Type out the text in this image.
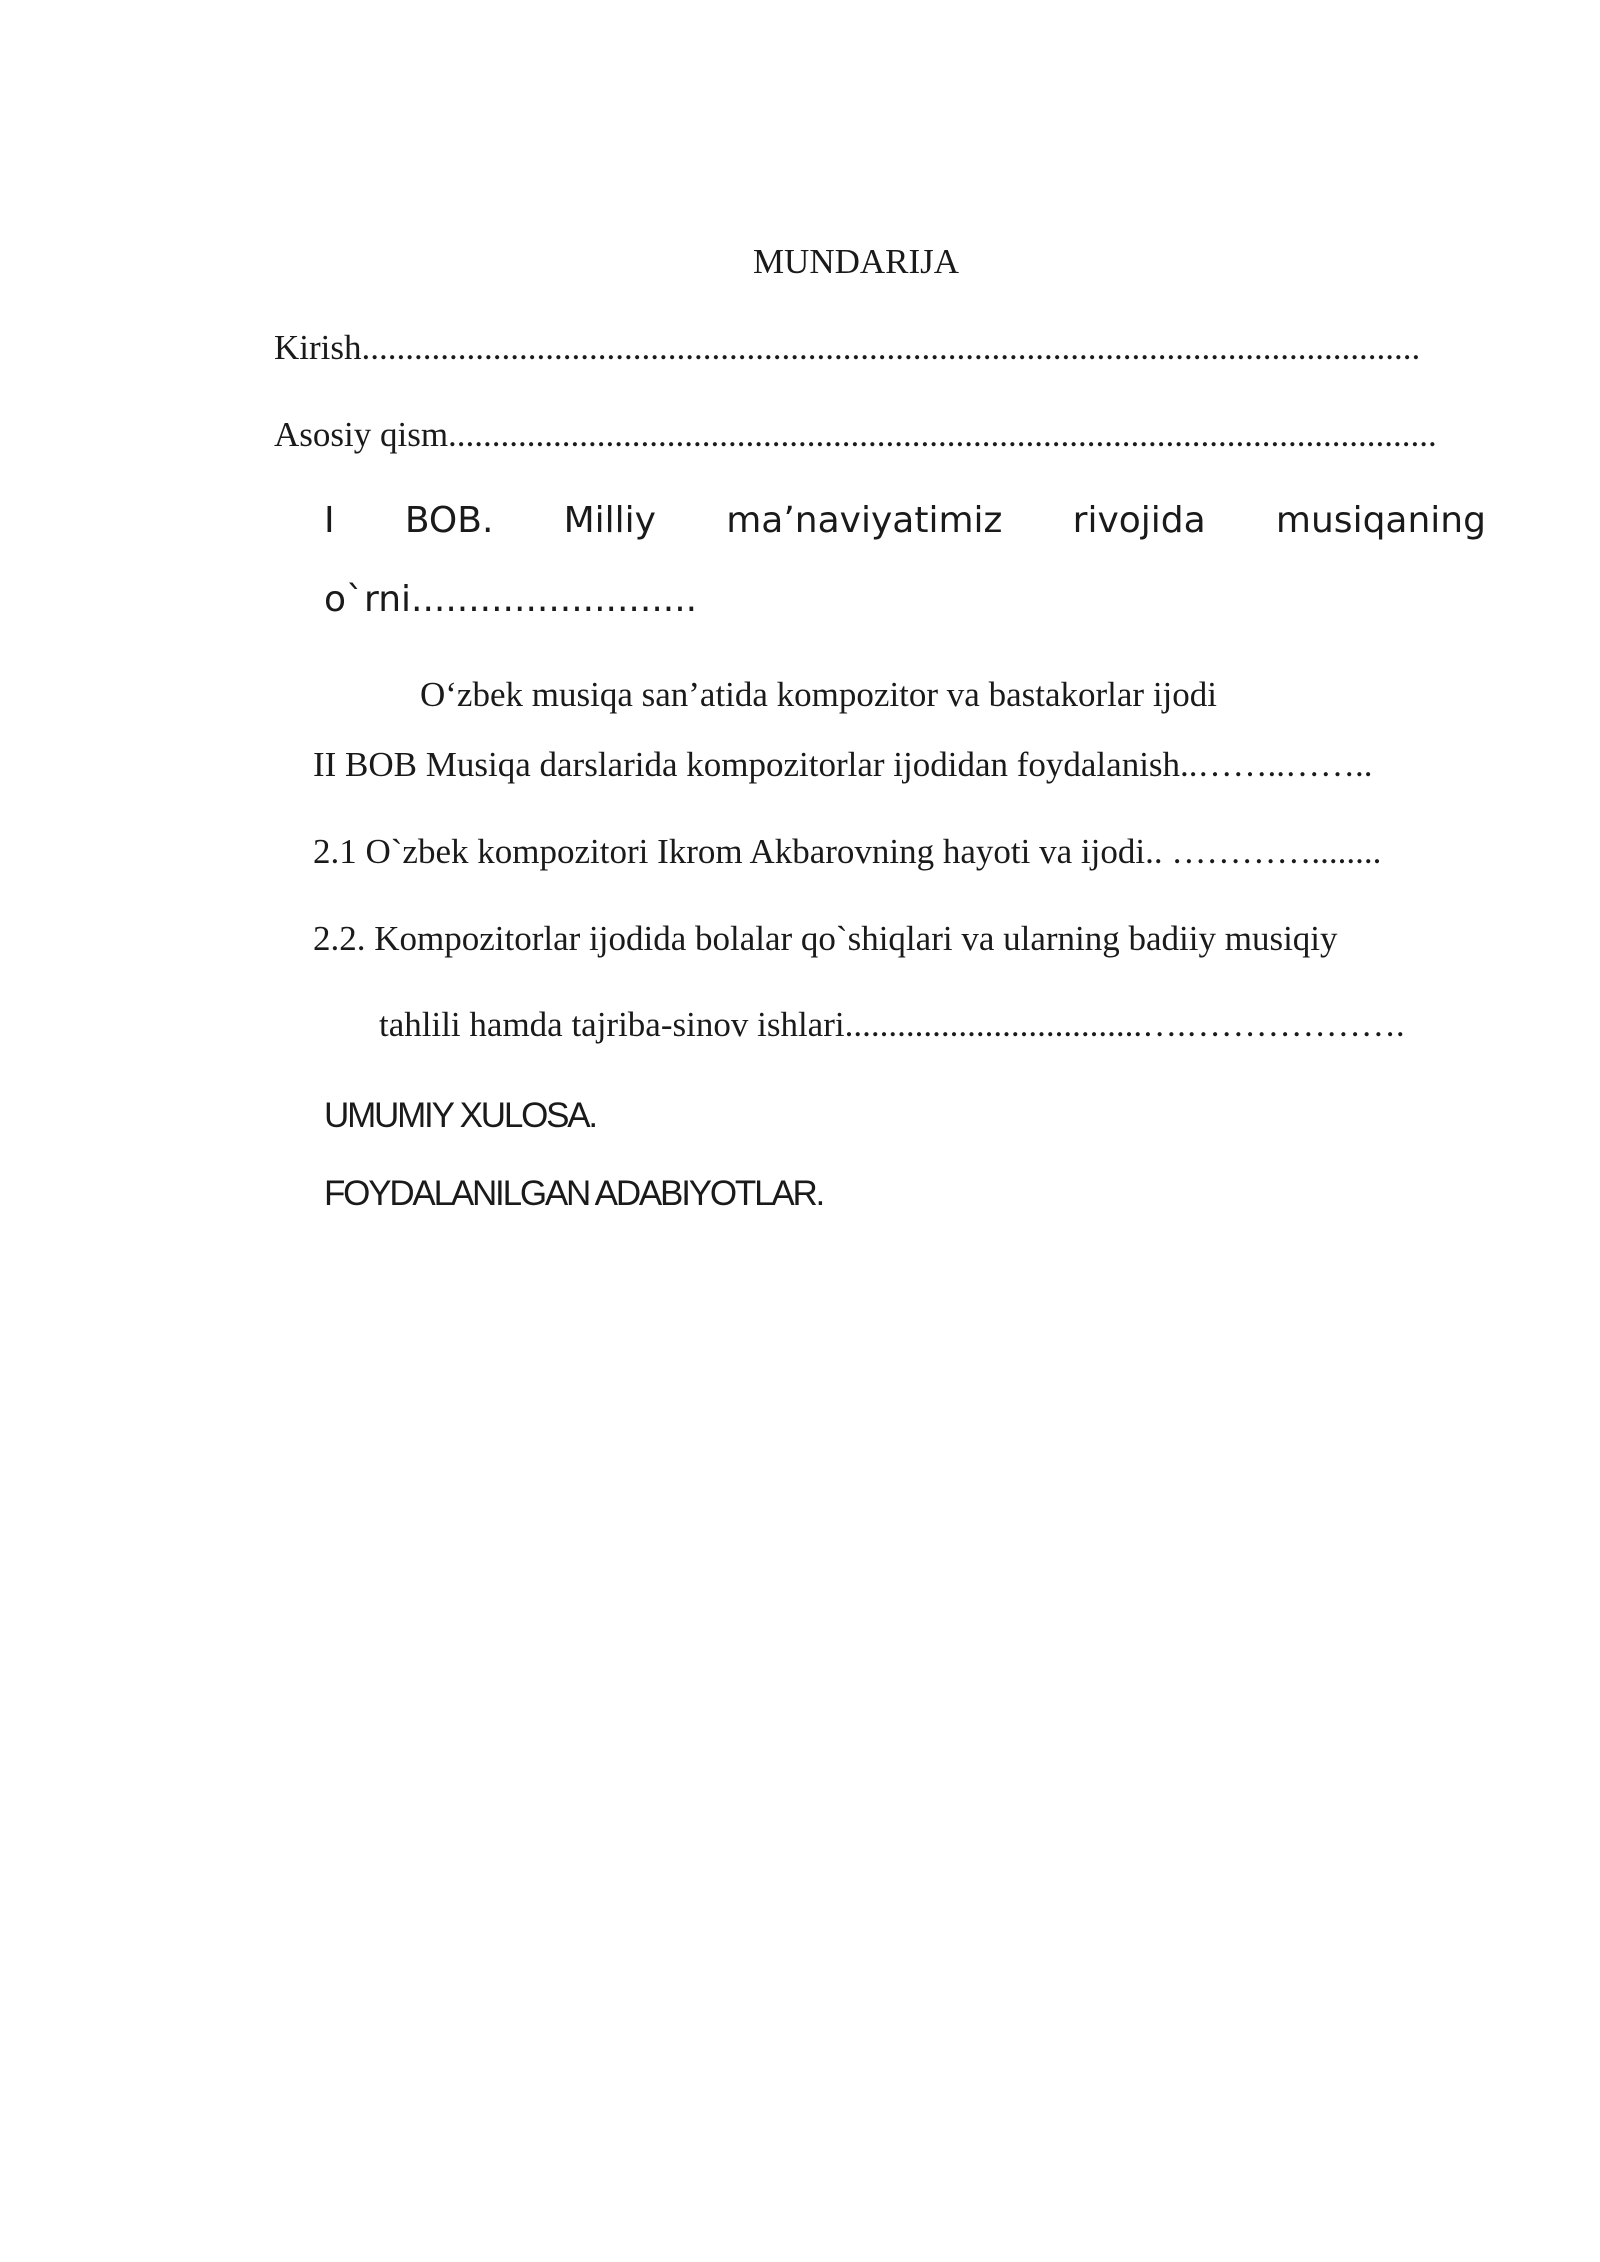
MUNDARIJA

Kirish.........................................................................................................................

Asosiy qism.................................................................................................................

I BOB. Milliy ma’naviyatimiz rivojida musiqaning

o`rni.........................

O‘zbek musiqa san’atida kompozitor va bastakorlar ijodi

II BOB Musiqa darslarida kompozitorlar ijodidan foydalanish..……..……..

2.1 O`zbek kompozitori Ikrom Akbarovning hayoti va ijodi.. …………........

2.2. Kompozitorlar ijodida bolalar qo`shiqlari va ularning badiiy musiqiy

tahlili hamda tajriba-sinov ishlari..................................….……………….

UMUMIY XULOSA.

FOYDALANILGAN ADABIYOTLAR.
